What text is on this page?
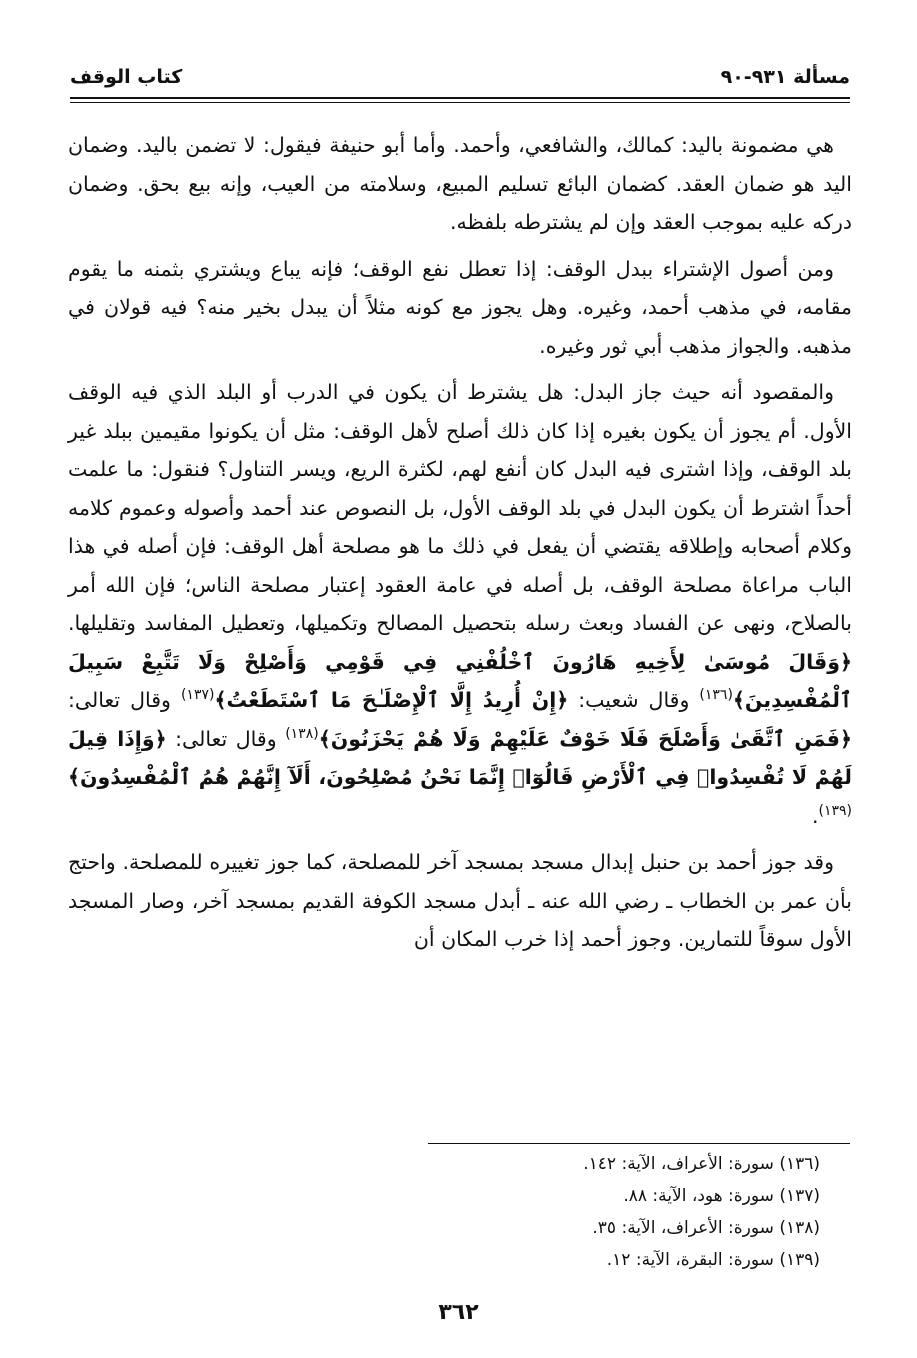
مسألة ٩٣١-٩٠
كتاب الوقف

هي مضمونة باليد: كمالك، والشافعي، وأحمد. وأما أبو حنيفة فيقول: لا تضمن باليد. وضمان اليد هو ضمان العقد. كضمان البائع تسليم المبيع، وسلامته من العيب، وإنه بيع بحق. وضمان دركه عليه بموجب العقد وإن لم يشترطه بلفظه.

ومن أصول الإشتراء ببدل الوقف: إذا تعطل نفع الوقف؛ فإنه يباع ويشتري بثمنه ما يقوم مقامه، في مذهب أحمد، وغيره. وهل يجوز مع كونه مثلاً أن يبدل بخير منه؟ فيه قولان في مذهبه. والجواز مذهب أبي ثور وغيره.

والمقصود أنه حيث جاز البدل: هل يشترط أن يكون في الدرب أو البلد الذي فيه الوقف الأول. أم يجوز أن يكون بغيره إذا كان ذلك أصلح لأهل الوقف: مثل أن يكونوا مقيمين ببلد غير بلد الوقف، وإذا اشترى فيه البدل كان أنفع لهم، لكثرة الريع، ويسر التناول؟ فنقول: ما علمت أحداً اشترط أن يكون البدل في بلد الوقف الأول، بل النصوص عند أحمد وأصوله وعموم كلامه وكلام أصحابه وإطلاقه يقتضي أن يفعل في ذلك ما هو مصلحة أهل الوقف: فإن أصله في هذا الباب مراعاة مصلحة الوقف، بل أصله في عامة العقود إعتبار مصلحة الناس؛ فإن الله أمر بالصلاح، ونهى عن الفساد وبعث رسله بتحصيل المصالح وتكميلها، وتعطيل المفاسد وتقليلها. ﴿وَقَالَ مُوسَىٰ لِأَخِيهِ هَارُونَ ٱخْلُفْنِي فِي قَوْمِي وَأَصْلِحْ وَلَا تَتَّبِعْ سَبِيلَ ٱلْمُفْسِدِينَ﴾$^{(١٣٦)}$ وقال شعيب: ﴿إِنْ أُرِيدُ إِلَّا ٱلْإِصْلَـٰحَ مَا ٱسْتَطَعْتُ﴾$^{(١٣٧)}$ وقال تعالى: ﴿فَمَنِ ٱتَّقَىٰ وَأَصْلَحَ فَلَا خَوْفٌ عَلَيْهِمْ وَلَا هُمْ يَحْزَنُونَ﴾$^{(١٣٨)}$ وقال تعالى: ﴿وَإِذَا قِيلَ لَهُمْ لَا تُفْسِدُوا۟ فِي ٱلْأَرْضِ قَالُوٓا۟ إِنَّمَا نَحْنُ مُصْلِحُونَ، أَلَآ إِنَّهُمْ هُمُ ٱلْمُفْسِدُونَ﴾$^{(١٣٩)}$.

وقد جوز أحمد بن حنبل إبدال مسجد بمسجد آخر للمصلحة، كما جوز تغييره للمصلحة. واحتج بأن عمر بن الخطاب ـ رضي الله عنه ـ أبدل مسجد الكوفة القديم بمسجد آخر، وصار المسجد الأول سوقاً للتمارين. وجوز أحمد إذا خرب المكان أن

(١٣٦) سورة: الأعراف، الآية: ١٤٢.
(١٣٧) سورة: هود، الآية: ٨٨.
(١٣٨) سورة: الأعراف، الآية: ٣٥.
(١٣٩) سورة: البقرة، الآية: ١٢.
٣٦٢
